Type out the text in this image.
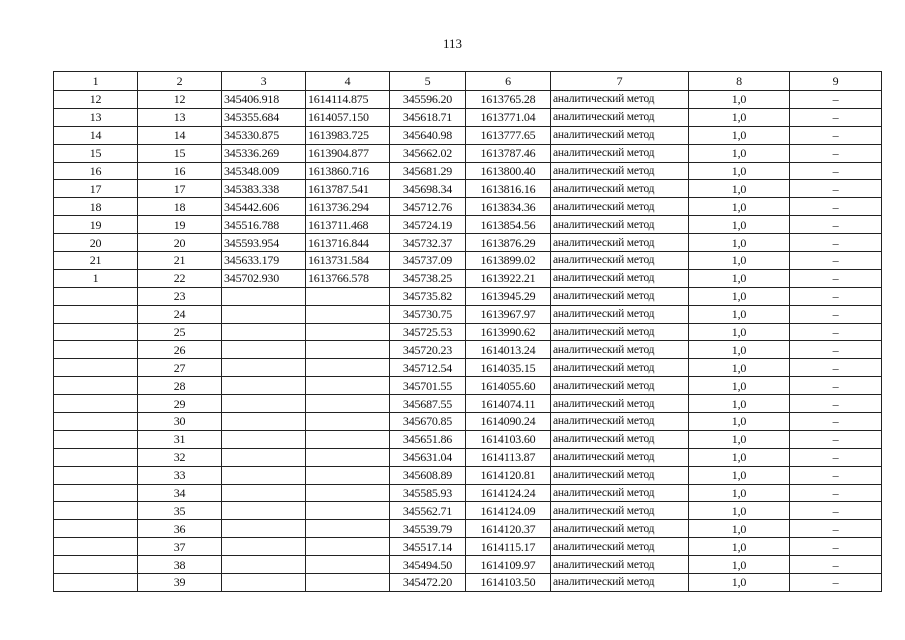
113
1	2	3	4	5	6	7	8	9
12	12	345406.918	1614114.875	345596.20	1613765.28	аналитический метод	1,0	–
13	13	345355.684	1614057.150	345618.71	1613771.04	аналитический метод	1,0	–
14	14	345330.875	1613983.725	345640.98	1613777.65	аналитический метод	1,0	–
15	15	345336.269	1613904.877	345662.02	1613787.46	аналитический метод	1,0	–
16	16	345348.009	1613860.716	345681.29	1613800.40	аналитический метод	1,0	–
17	17	345383.338	1613787.541	345698.34	1613816.16	аналитический метод	1,0	–
18	18	345442.606	1613736.294	345712.76	1613834.36	аналитический метод	1,0	–
19	19	345516.788	1613711.468	345724.19	1613854.56	аналитический метод	1,0	–
20	20	345593.954	1613716.844	345732.37	1613876.29	аналитический метод	1,0	–
21	21	345633.179	1613731.584	345737.09	1613899.02	аналитический метод	1,0	–
1	22	345702.930	1613766.578	345738.25	1613922.21	аналитический метод	1,0	–
	23			345735.82	1613945.29	аналитический метод	1,0	–
	24			345730.75	1613967.97	аналитический метод	1,0	–
	25			345725.53	1613990.62	аналитический метод	1,0	–
	26			345720.23	1614013.24	аналитический метод	1,0	–
	27			345712.54	1614035.15	аналитический метод	1,0	–
	28			345701.55	1614055.60	аналитический метод	1,0	–
	29			345687.55	1614074.11	аналитический метод	1,0	–
	30			345670.85	1614090.24	аналитический метод	1,0	–
	31			345651.86	1614103.60	аналитический метод	1,0	–
	32			345631.04	1614113.87	аналитический метод	1,0	–
	33			345608.89	1614120.81	аналитический метод	1,0	–
	34			345585.93	1614124.24	аналитический метод	1,0	–
	35			345562.71	1614124.09	аналитический метод	1,0	–
	36			345539.79	1614120.37	аналитический метод	1,0	–
	37			345517.14	1614115.17	аналитический метод	1,0	–
	38			345494.50	1614109.97	аналитический метод	1,0	–
	39			345472.20	1614103.50	аналитический метод	1,0	–
